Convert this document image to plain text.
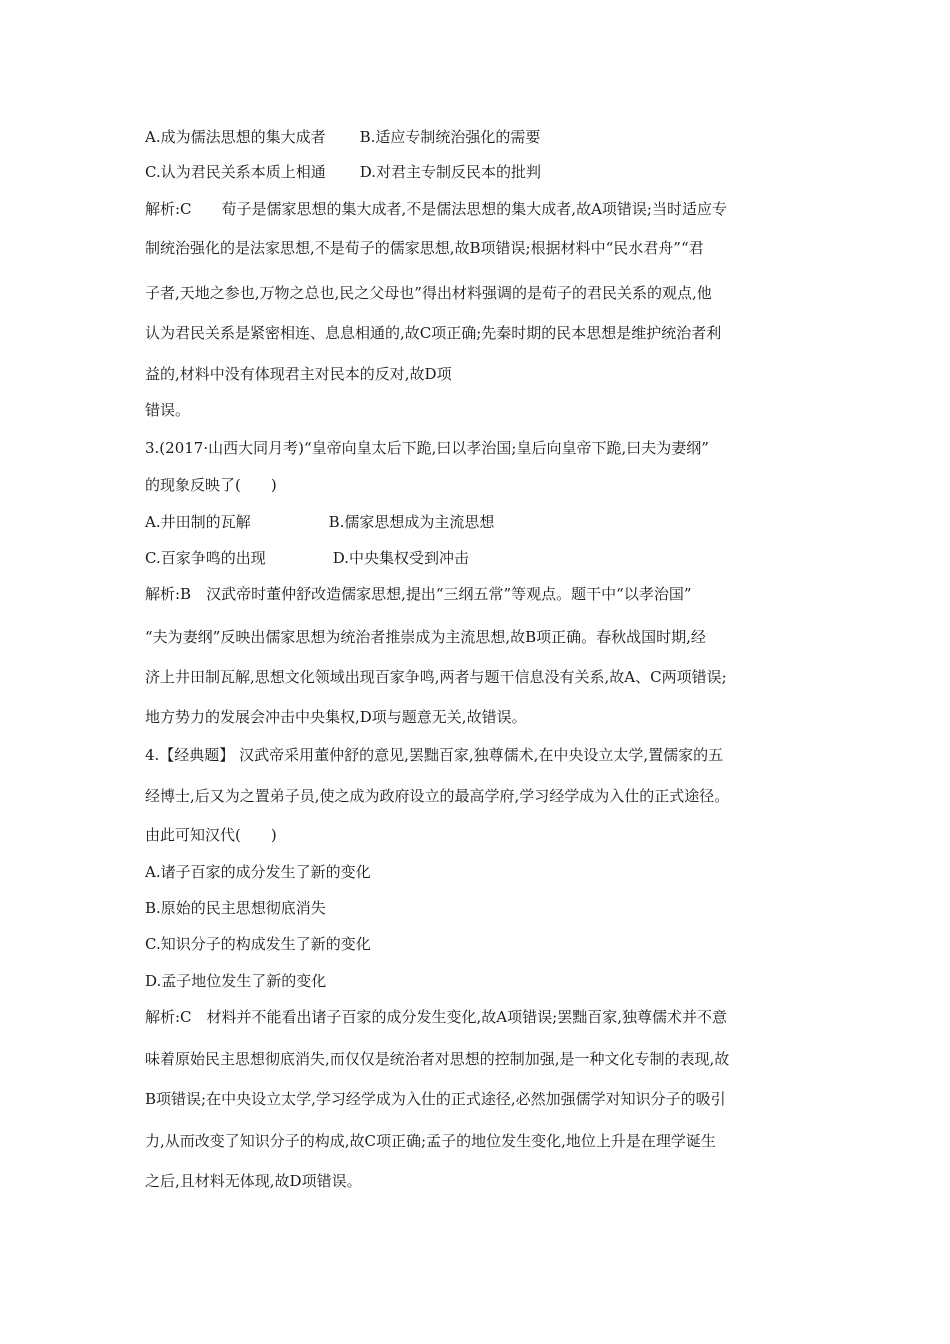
A.成为儒法思想的集大成者 B.适应专制统治强化的需要
C.认为君民关系本质上相通 D.对君主专制反民本的批判
解析:C　　荀子是儒家思想的集大成者,不是儒法思想的集大成者,故A项错误;当时适应专
制统治强化的是法家思想,不是荀子的儒家思想,故B项错误;根据材料中“民水君舟”“君
子者,天地之参也,万物之总也,民之父母也”得出材料强调的是荀子的君民关系的观点,他
认为君民关系是紧密相连、息息相通的,故C项正确;先秦时期的民本思想是维护统治者利
益的,材料中没有体现君主对民本的反对,故D项
错误。
3.(2017·山西大同月考)“皇帝向皇太后下跪,曰以孝治国;皇后向皇帝下跪,曰夫为妻纲”
的现象反映了(　　)
A.井田制的瓦解	B.儒家思想成为主流思想
C.百家争鸣的出现	D.中央集权受到冲击
解析:B　汉武帝时董仲舒改造儒家思想,提出“三纲五常”等观点。题干中“以孝治国”
“夫为妻纲”反映出儒家思想为统治者推崇成为主流思想,故B项正确。春秋战国时期,经
济上井田制瓦解,思想文化领域出现百家争鸣,两者与题干信息没有关系,故A、C两项错误;
地方势力的发展会冲击中央集权,D项与题意无关,故错误。
4.【经典题】 汉武帝采用董仲舒的意见,罢黜百家,独尊儒术,在中央设立太学,置儒家的五
经博士,后又为之置弟子员,使之成为政府设立的最高学府,学习经学成为入仕的正式途径。
由此可知汉代(　　)
A.诸子百家的成分发生了新的变化
B.原始的民主思想彻底消失
C.知识分子的构成发生了新的变化
D.孟子地位发生了新的变化
解析:C　材料并不能看出诸子百家的成分发生变化,故A项错误;罢黜百家,独尊儒术并不意
味着原始民主思想彻底消失,而仅仅是统治者对思想的控制加强,是一种文化专制的表现,故
B项错误;在中央设立太学,学习经学成为入仕的正式途径,必然加强儒学对知识分子的吸引
力,从而改变了知识分子的构成,故C项正确;孟子的地位发生变化,地位上升是在理学诞生
之后,且材料无体现,故D项错误。
